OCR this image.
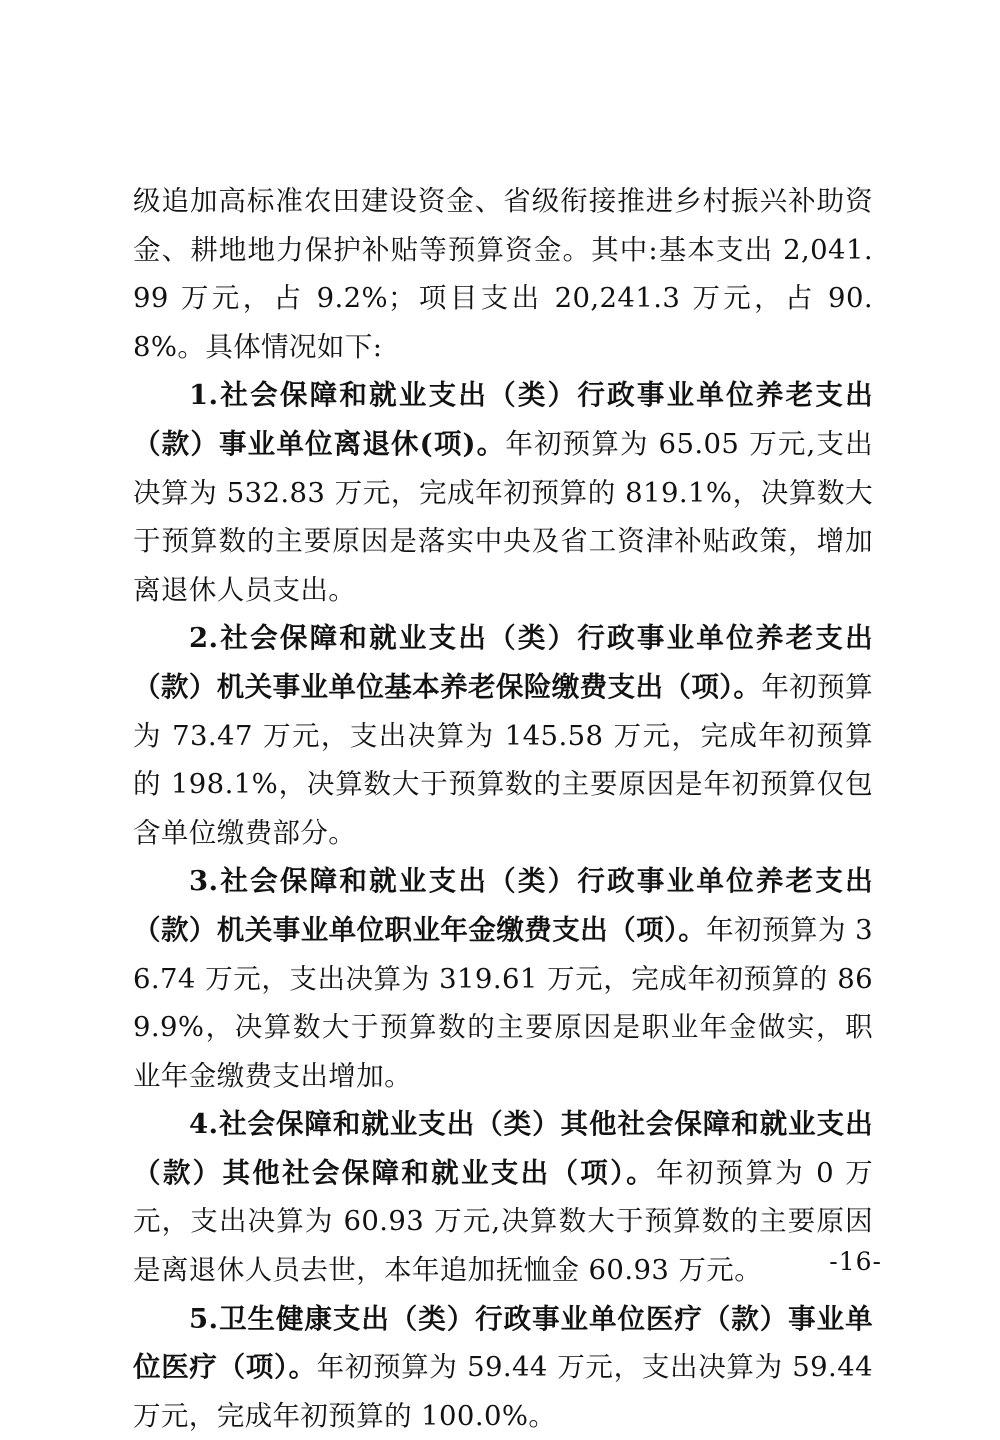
级追加高标准农田建设资金、省级衔接推进乡村振兴补助资金、耕地地力保护补贴等预算资金。其中:基本支出 2,041.99 万元，占 9.2%；项目支出 20,241.3 万元，占 90.8%。具体情况如下:

1.社会保障和就业支出（类）行政事业单位养老支出（款）事业单位离退休(项)。年初预算为 65.05 万元,支出决算为 532.83 万元，完成年初预算的 819.1%，决算数大于预算数的主要原因是落实中央及省工资津补贴政策，增加离退休人员支出。

2.社会保障和就业支出（类）行政事业单位养老支出（款）机关事业单位基本养老保险缴费支出（项）。年初预算为 73.47 万元，支出决算为 145.58 万元，完成年初预算的 198.1%，决算数大于预算数的主要原因是年初预算仅包含单位缴费部分。

3.社会保障和就业支出（类）行政事业单位养老支出（款）机关事业单位职业年金缴费支出（项）。年初预算为 36.74 万元，支出决算为 319.61 万元，完成年初预算的 869.9%，决算数大于预算数的主要原因是职业年金做实，职业年金缴费支出增加。

4.社会保障和就业支出（类）其他社会保障和就业支出（款）其他社会保障和就业支出（项）。年初预算为 0 万元，支出决算为 60.93 万元,决算数大于预算数的主要原因是离退休人员去世，本年追加抚恤金 60.93 万元。

5.卫生健康支出（类）行政事业单位医疗（款）事业单位医疗（项）。年初预算为 59.44 万元，支出决算为 59.44 万元，完成年初预算的 100.0%。

-16-
